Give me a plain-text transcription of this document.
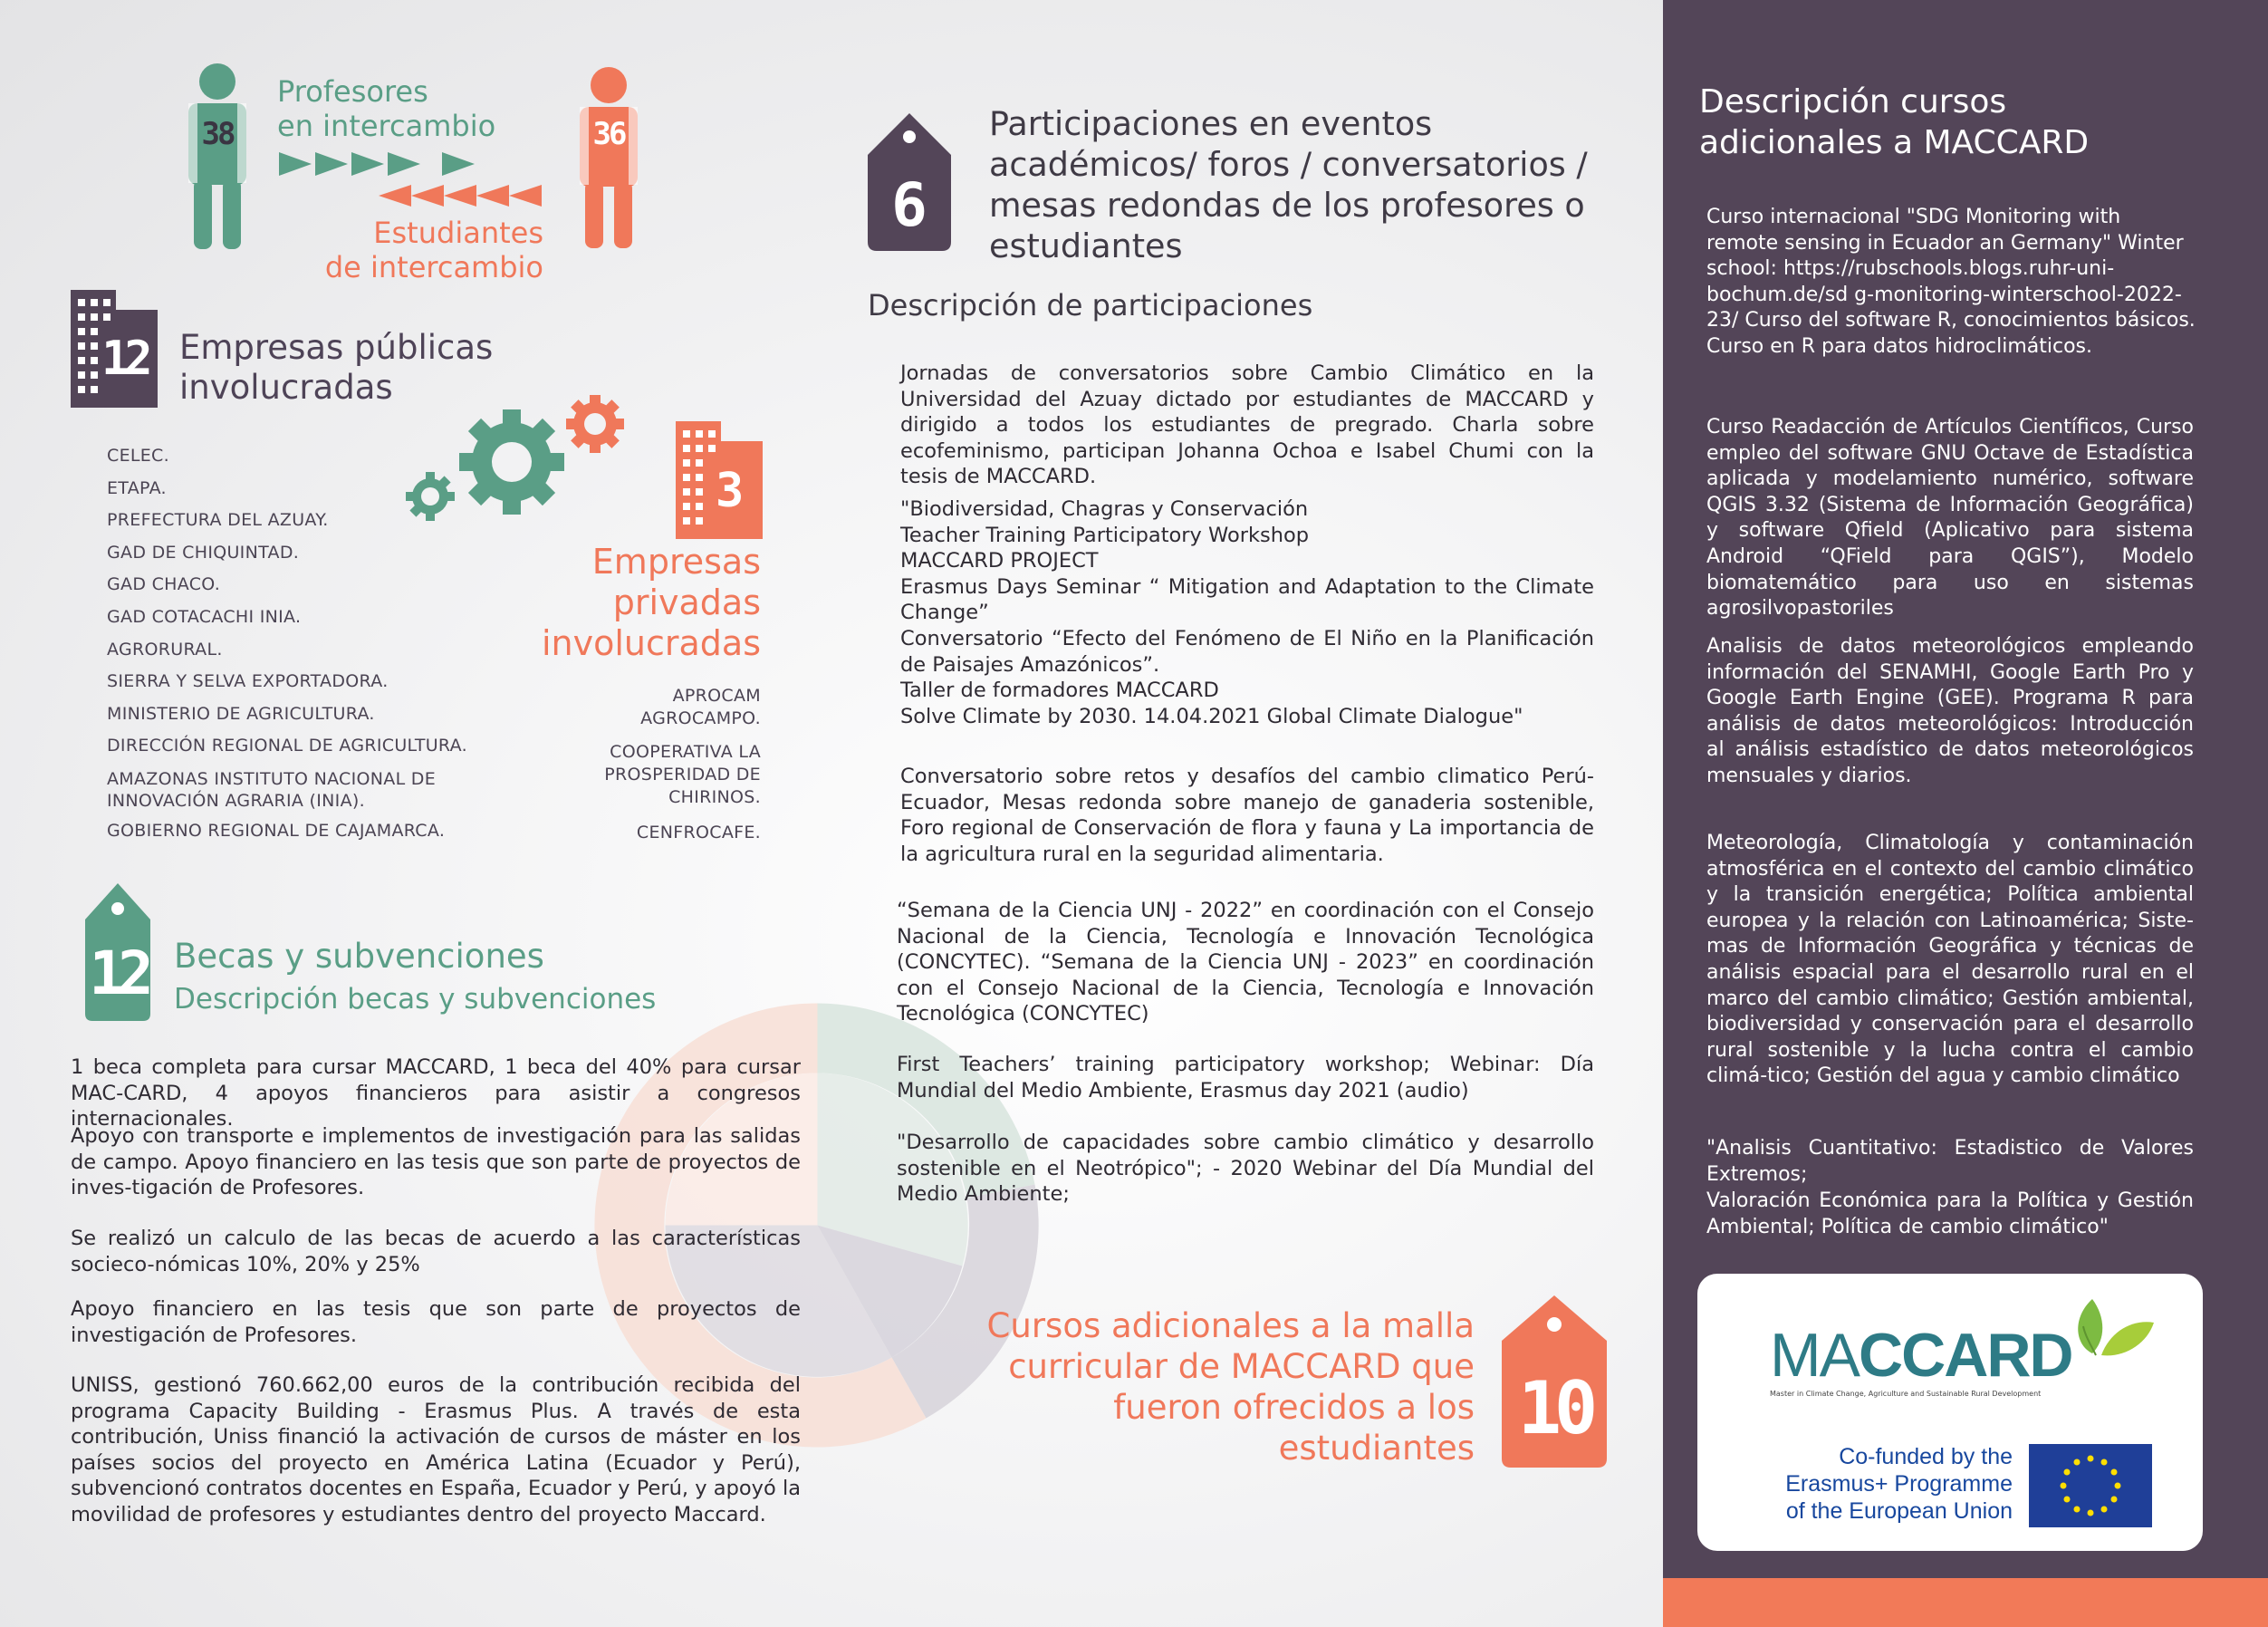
38
Profesores
en intercambio
Estudiantes
de intercambio
36
12 Empresas públicas
involucradas
CELEC.
ETAPA.
PREFECTURA DEL AZUAY.
GAD DE CHIQUINTAD.
GAD CHACO.
GAD COTACACHI INIA.
AGRORURAL.
SIERRA Y SELVA EXPORTADORA.
MINISTERIO DE AGRICULTURA.
DIRECCIÓN REGIONAL DE AGRICULTURA.
AMAZONAS INSTITUTO NACIONAL DE
INNOVACIÓN AGRARIA (INIA).
GOBIERNO REGIONAL DE CAJAMARCA.
3
Empresas
privadas
involucradas
APROCAM
AGROCAMPO.
COOPERATIVA LA
PROSPERIDAD DE
CHIRINOS.
CENFROCAFE.
12 Becas y subvenciones
Descripción becas y subvenciones
1 beca completa para cursar MACCARD, 1 beca del 40% para cursar MAC-CARD, 4 apoyos financieros para asistir a congresos internacionales.
Apoyo con transporte e implementos de investigación para las salidas de campo. Apoyo financiero en las tesis que son parte de proyectos de inves-tigación de Profesores.
Se realizó un calculo de las becas de acuerdo a las características socieco-nómicas 10%, 20% y 25%
Apoyo financiero en las tesis que son parte de proyectos de investigación de Profesores.
UNISS, gestionó 760.662,00 euros de la contribución recibida del programa Capacity Building - Erasmus Plus. A través de esta contribución, Uniss financió la activación de cursos de máster en los países socios del proyecto en América Latina (Ecuador y Perú), subvencionó contratos docentes en España, Ecuador y Perú, y apoyó la movilidad de profesores y estudiantes dentro del proyecto Maccard.
6
Participaciones en eventos
académicos/ foros / conversatorios /
mesas redondas de los profesores o
estudiantes
Descripción de participaciones
Jornadas de conversatorios sobre Cambio Climático en la Universidad del Azuay dictado por estudiantes de MACCARD y dirigido a todos los estudiantes de pregrado. Charla sobre ecofeminismo, participan Johanna Ochoa e Isabel Chumi con la tesis de MACCARD.
"Biodiversidad, Chagras y Conservación
Teacher Training Participatory Workshop
MACCARD PROJECT
Erasmus Days Seminar “ Mitigation and Adaptation to the Climate Change”
Conversatorio “Efecto del Fenómeno de El Niño en la Planificación de Paisajes Amazónicos”.
Taller de formadores MACCARD
Solve Climate by 2030. 14.04.2021 Global Climate Dialogue"
Conversatorio sobre retos y desafíos del cambio climatico Perú-Ecuador, Mesas redonda sobre manejo de ganaderia sostenible, Foro regional de Conservación de flora y fauna y La importancia de la agricultura rural en la seguridad alimentaria.
“Semana de la Ciencia UNJ - 2022” en coordinación con el Consejo Nacional de la Ciencia, Tecnología e Innovación Tecnológica (CONCYTEC). “Semana de la Ciencia UNJ - 2023” en coordinación con el Consejo Nacional de la Ciencia, Tecnología e Innovación Tecnológica (CONCYTEC)
First Teachers’ training participatory workshop; Webinar: Día Mundial del Medio Ambiente, Erasmus day 2021 (audio)
"Desarrollo de capacidades sobre cambio climático y desarrollo sostenible en el Neotrópico"; - 2020 Webinar del Día Mundial del Medio Ambiente;
Cursos adicionales a la malla
curricular de MACCARD que
fueron ofrecidos a los
estudiantes 10
Descripción cursos
adicionales a MACCARD
Curso internacional "SDG Monitoring with remote sensing in Ecuador an Germany" Winter school: https://rubschools.blogs.ruhr-uni-bochum.de/sd g-monitoring-winterschool-2022-23/ Curso del software R, conocimientos básicos. Curso en R para datos hidroclimáticos.
Curso Readacción de Artículos Científicos, Curso empleo del software GNU Octave de Estadística aplicada y modelamiento numérico, software QGIS 3.32 (Sistema de Información Geográfica) y software Qfield (Aplicativo para sistema Android “QField para QGIS”), Modelo biomatemático para uso en sistemas agrosilvopastoriles
Analisis de datos meteorológicos empleando información del SENAMHI, Google Earth Pro y Google Earth Engine (GEE). Programa R para análisis de datos meteorológicos: Introducción al análisis estadístico de datos meteorológicos mensuales y diarios.
Meteorología, Climatología y contaminación atmosférica en el contexto del cambio climático y la transición energética; Política ambiental europea y la relación con Latinoamérica; Siste-mas de Información Geográfica y técnicas de análisis espacial para el desarrollo rural en el marco del cambio climático; Gestión ambiental, biodiversidad y conservación para el desarrollo rural sostenible y la lucha contra el cambio climá-tico; Gestión del agua y cambio climático
"Analisis Cuantitativo: Estadistico de Valores Extremos;
Valoración Económica para la Política y Gestión Ambiental; Política de cambio climático"
MACCARD
Master in Climate Change, Agriculture and Sustainable Rural Development
Co-funded by the
Erasmus+ Programme
of the European Union
